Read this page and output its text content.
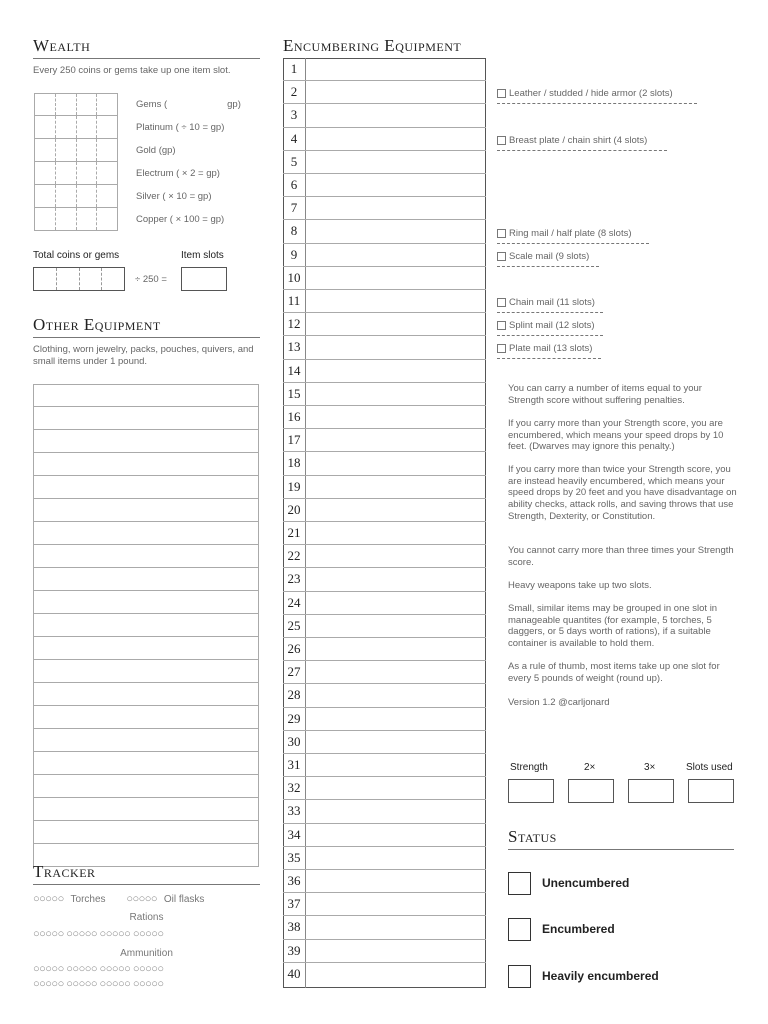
Wealth
Every 250 coins or gems take up one item slot.
Gems (	gp)
Platinum ( ÷ 10 = gp)
Gold (gp)
Electrum ( × 2 = gp)
Silver ( × 10 = gp)
Copper ( × 100 = gp)
Total coins or gems	Item slots
÷ 250 =
Other Equipment
Clothing, worn jewelry, packs, pouches, quivers, and small items under 1 pound.
Tracker
○○○○○ Torches ○○○○○ Oil flasks
Rations
○○○○○ ○○○○○ ○○○○○ ○○○○○
Ammunition
○○○○○ ○○○○○ ○○○○○ ○○○○○
○○○○○ ○○○○○ ○○○○○ ○○○○○
Encumbering Equipment
1
2
3
4
5
6
7
8
9
10
11
12
13
14
15
16
17
18
19
20
21
22
23
24
25
26
27
28
29
30
31
32
33
34
35
36
37
38
39
40
Leather / studded / hide armor (2 slots)
Breast plate / chain shirt (4 slots)
Ring mail / half plate (8 slots)
Scale mail (9 slots)
Chain mail (11 slots)
Splint mail (12 slots)
Plate mail (13 slots)

You can carry a number of items equal to your Strength score without suffering penalties.

If you carry more than your Strength score, you are encumbered, which means your speed drops by 10 feet. (Dwarves may ignore this penalty.)

If you carry more than twice your Strength score, you are instead heavily encumbered, which means your speed drops by 20 feet and you have disadvantage on ability checks, attack rolls, and saving throws that use Strength, Dexterity, or Constitution.

You cannot carry more than three times your Strength score.

Heavy weapons take up two slots.

Small, similar items may be grouped in one slot in manageable quantites (for example, 5 torches, 5 daggers, or 5 days worth of rations), if a suitable container is available to hold them.

As a rule of thumb, most items take up one slot for every 5 pounds of weight (round up).

Version 1.2 @carljonard

Strength	2×	3×	Slots used
Status
Unencumbered
Encumbered
Heavily encumbered
